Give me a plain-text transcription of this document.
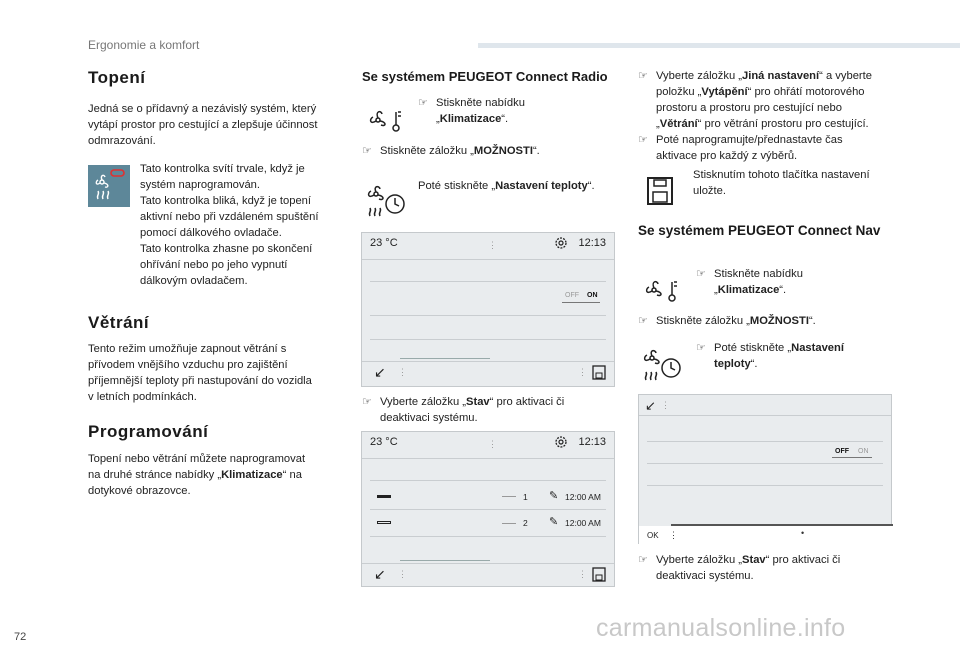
Ergonomie a komfort
Topení
Jedná se o přídavný a nezávislý systém, který vytápí prostor pro cestující a zlepšuje účinnost odmrazování.
Tato kontrolka svítí trvale, když je
systém naprogramován.
Tato kontrolka bliká, když je topení
aktivní nebo při vzdáleném spuštění
pomocí dálkového ovladače.
Tato kontrolka zhasne po skončení
ohřívání nebo po jeho vypnutí
dálkovým ovladačem.
Větrání
Tento režim umožňuje zapnout větrání s
přívodem vnějšího vzduchu pro zajištění
příjemnější teploty při nastupování do vozidla
v letních podmínkách.
Programování
Topení nebo větrání můžete naprogramovat
na druhé stránce nabídky „Klimatizace“ na
dotykové obrazovce.
Se systémem PEUGEOT Connect Radio
☞ Stiskněte nabídku
„Klimatizace“.
☞ Stiskněte záložku „MOŽNOSTI“.
Poté stiskněte „Nastavení teploty“.
23 °C	⋮	12:13
OFF ON
↙ ⋮	⋮
☞ Vyberte záložku „Stav“ pro aktivaci či
deaktivaci systému.
23 °C	⋮	12:13
1 ✎ 12:00 AM
2 ✎ 12:00 AM
↙ ⋮	⋮
☞ Vyberte záložku „Jiná nastavení“ a vyberte
položku „Vytápění“ pro ohřátí motorového
prostoru a prostoru pro cestující nebo
„Větrání“ pro větrání prostoru pro cestující.
☞ Poté naprogramujte/přednastavte čas
aktivace pro každý z výběrů.
Stisknutím tohoto tlačítka nastavení
uložte.
Se systémem PEUGEOT Connect Nav
☞ Stiskněte nabídku
„Klimatizace“.
☞ Stiskněte záložku „MOŽNOSTI“.
☞ Poté stiskněte „Nastavení
teploty“.
↙ ⋮
OFF ON
OK ⋮	•
☞ Vyberte záložku „Stav“ pro aktivaci či
deaktivaci systému.
72	carmanualsonline.info
